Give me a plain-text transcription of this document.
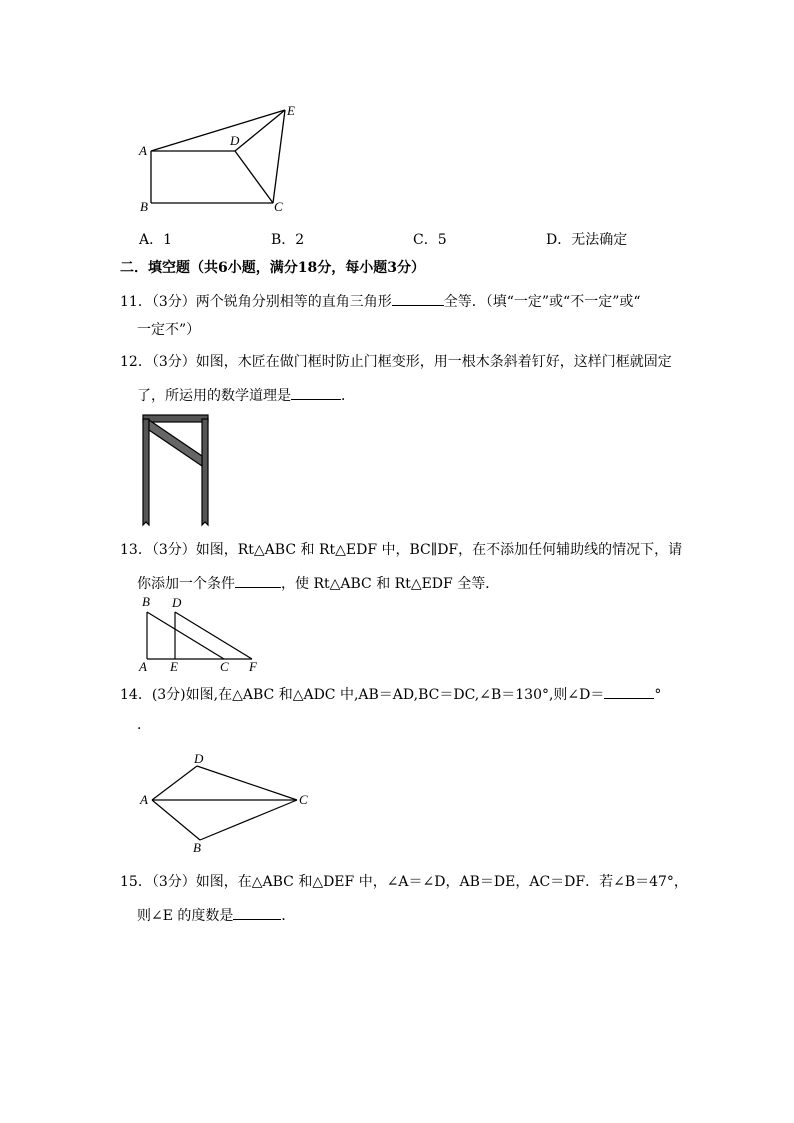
A
B	C
D
E
A．1	B．2	C．5	D．无法确定
二．填空题（共6小题，满分18分，每小题3分）
11．（3分）两个锐角分别相等的直角三角形	全等．（填“一定”或“不一定”或“
一定不”）
12．（3分）如图，木匠在做门框时防止门框变形，用一根木条斜着钉好，这样门框就固定
了，所运用的数学道理是	．
13．（3分）如图，Rt△ABC 和 Rt△EDF 中，BC∥DF，在不添加任何辅助线的情况下，请
你添加一个条件	，使 Rt△ABC 和 Rt△EDF 全等．
B D
A E	C F
14．(3分)如图,在△ABC 和△ADC 中,AB＝AD,BC＝DC,∠B＝130°,则∠D＝	°
．
D
A	C
B
15．（3分）如图，在△ABC 和△DEF 中，∠A＝∠D，AB＝DE，AC＝DF．若∠B＝47°，
则∠E 的度数是	．
